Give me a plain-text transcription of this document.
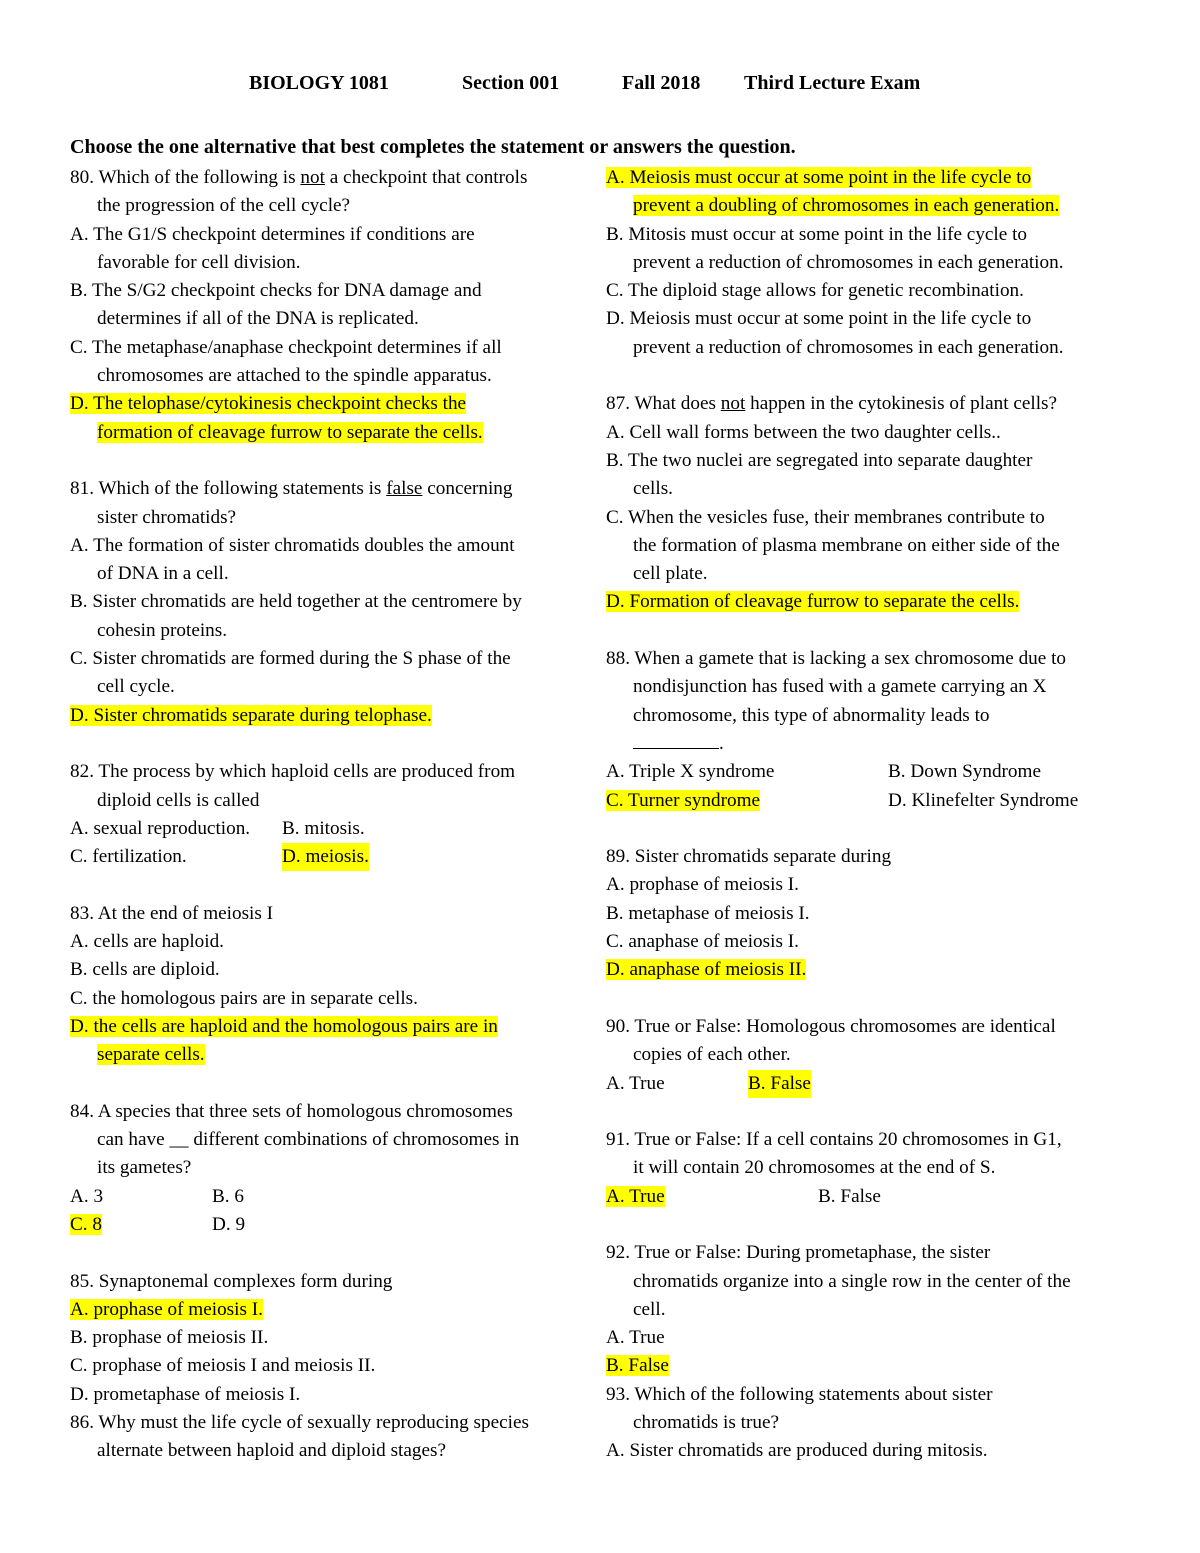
BIOLOGY 1081

	Section 001

	Fall 2018

Third Lecture Exam

Choose the one alternative that best completes the statement or answers the question.
80. Which of the following is not a checkpoint that controls
the progression of the cell cycle?
A. The G1/S checkpoint determines if conditions are
favorable for cell division.
B. The S/G2 checkpoint checks for DNA damage and
determines if all of the DNA is replicated.
C. The metaphase/anaphase checkpoint determines if all
chromosomes are attached to the spindle apparatus.
D. The telophase/cytokinesis checkpoint checks the
formation of cleavage furrow to separate the cells.
81. Which of the following statements is false concerning
sister chromatids?
A. The formation of sister chromatids doubles the amount
of DNA in a cell.
B. Sister chromatids are held together at the centromere by
cohesin proteins.
C. Sister chromatids are formed during the S phase of the
cell cycle.
D. Sister chromatids separate during telophase.
82. The process by which haploid cells are produced from
diploid cells is called
A. sexual reproduction.	B. mitosis.
C. fertilization.	D. meiosis.
83. At the end of meiosis I
A. cells are haploid.
B. cells are diploid.
C. the homologous pairs are in separate cells.
D. the cells are haploid and the homologous pairs are in
separate cells.
84. A species that three sets of homologous chromosomes
can have __ different combinations of chromosomes in
its gametes?
A. 3	B. 6
C. 8	D. 9
85. Synaptonemal complexes form during
A. prophase of meiosis I.
B. prophase of meiosis II.
C. prophase of meiosis I and meiosis II.
D. prometaphase of meiosis I.
86. Why must the life cycle of sexually reproducing species
alternate between haploid and diploid stages?
A. Meiosis must occur at some point in the life cycle to
prevent a doubling of chromosomes in each generation.
B. Mitosis must occur at some point in the life cycle to
prevent a reduction of chromosomes in each generation.
C. The diploid stage allows for genetic recombination.
D. Meiosis must occur at some point in the life cycle to
prevent a reduction of chromosomes in each generation.
87. What does not happen in the cytokinesis of plant cells?
A. Cell wall forms between the two daughter cells..
B. The two nuclei are segregated into separate daughter
cells.
C. When the vesicles fuse, their membranes contribute to
the formation of plasma membrane on either side of the
cell plate.
D. Formation of cleavage furrow to separate the cells.
88. When a gamete that is lacking a sex chromosome due to
nondisjunction has fused with a gamete carrying an X
chromosome, this type of abnormality leads to
.
A. Triple X syndrome	B. Down Syndrome
C. Turner syndrome	D. Klinefelter Syndrome
89. Sister chromatids separate during
A. prophase of meiosis I.
B. metaphase of meiosis I.
C. anaphase of meiosis I.
D. anaphase of meiosis II.
90. True or False: Homologous chromosomes are identical
copies of each other.
A. True	B. False
91. True or False: If a cell contains 20 chromosomes in G1,
it will contain 20 chromosomes at the end of S.
A. True	B. False
92. True or False: During prometaphase, the sister
chromatids organize into a single row in the center of the
cell.
A. True
B. False
93. Which of the following statements about sister
chromatids is true?
A. Sister chromatids are produced during mitosis.
